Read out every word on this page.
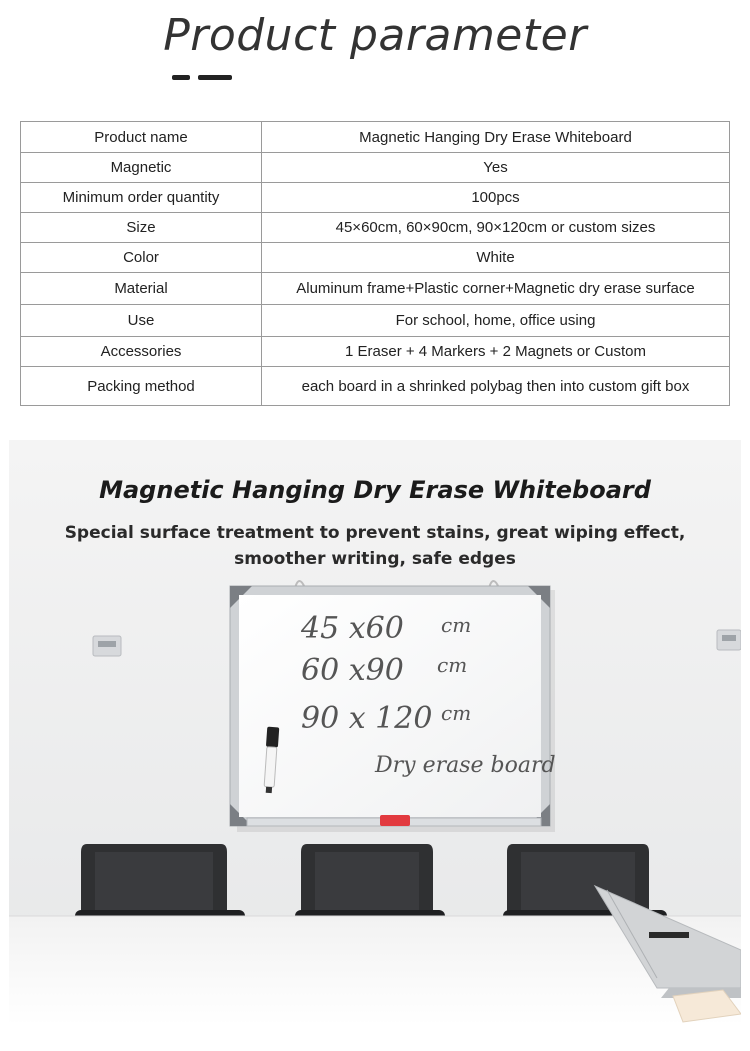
Product parameter
Product name	Magnetic Hanging Dry Erase Whiteboard
Magnetic	Yes
Minimum order quantity	100pcs
Size	45×60cm, 60×90cm, 90×120cm or custom sizes
Color	White
Material	Aluminum frame+Plastic corner+Magnetic dry erase surface
Use	For school, home, office using
Accessories	1 Eraser + 4 Markers + 2 Magnets or Custom
Packing method	each board in a shrinked polybag then into custom gift box
45 x60 cm
60 x90 cm
90 x 120 cm
Dry erase board
Magnetic Hanging Dry Erase Whiteboard
Special surface treatment to prevent stains, great wiping effect,
smoother writing, safe edges
